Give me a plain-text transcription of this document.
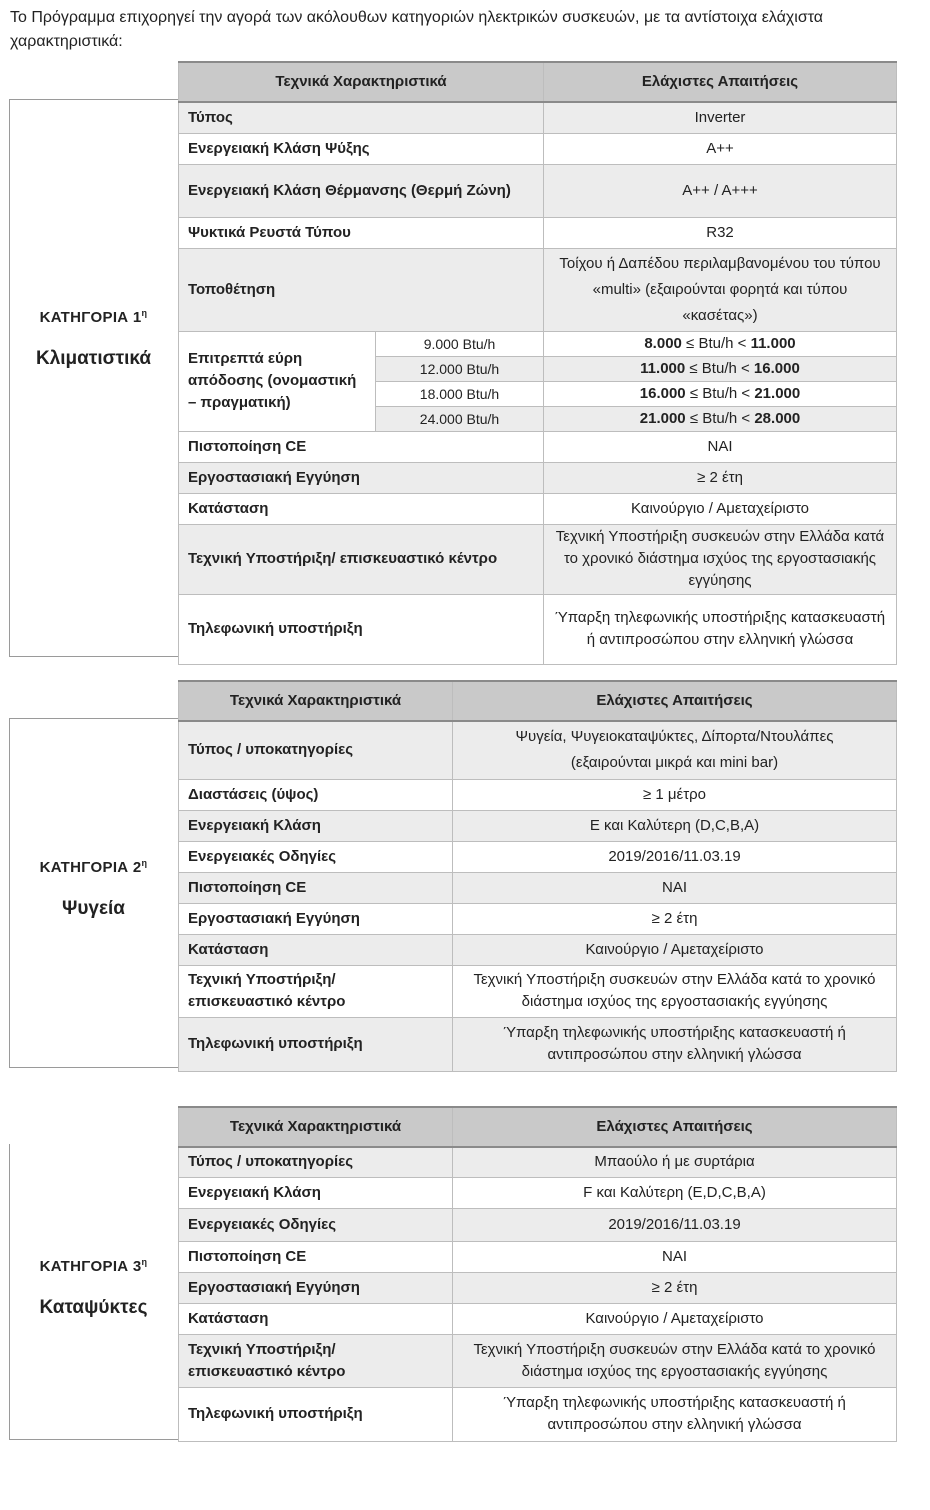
Το Πρόγραμμα επιχορηγεί την αγορά των ακόλουθων κατηγοριών ηλεκτρικών συσκευών, με τα αντίστοιχα ελάχιστα χαρακτηριστικά:
ΚΑΤΗΓΟΡΙΑ $1^\eta$
Κλιματιστικά
Τεχνικά Χαρακτηριστικά		Ελάχιστες Απαιτήσεις
Τύπος		Inverter
Ενεργειακή Κλάση Ψύξης		A++
Ενεργειακή Κλάση Θέρμανσης (Θερμή Ζώνη)		A++ / A+++
Ψυκτικά Ρευστά Τύπου		R32
Τοποθέτηση		Τοίχου ή Δαπέδου περιλαμβανομένου του τύπου «multi» (εξαιρούνται φορητά και τύπου «κασέτας»)
Επιτρεπτά εύρη απόδοσης (ονομαστική – πραγματική)	9.000 Btu/h	8.000 ≤ Btu/h < 11.000
	12.000 Btu/h	11.000 ≤ Btu/h < 16.000
	18.000 Btu/h	16.000 ≤ Btu/h < 21.000
	24.000 Btu/h	21.000 ≤ Btu/h < 28.000
Πιστοποίηση CE		NAI
Εργοστασιακή Εγγύηση		≥ 2 έτη
Κατάσταση		Καινούργιο / Αμεταχείριστο
Τεχνική Υποστήριξη/ επισκευαστικό κέντρο		Τεχνική Υποστήριξη συσκευών στην Ελλάδα κατά το χρονικό διάστημα ισχύος της εργοστασιακής εγγύησης
Τηλεφωνική υποστήριξη		Ύπαρξη τηλεφωνικής υποστήριξης κατασκευαστή ή αντιπροσώπου στην ελληνική γλώσσα
ΚΑΤΗΓΟΡΙΑ $2^\eta$
Ψυγεία
Τεχνικά Χαρακτηριστικά	Ελάχιστες Απαιτήσεις
Τύπος / υποκατηγορίες	Ψυγεία, Ψυγειοκαταψύκτες, Δίπορτα/Ντουλάπες (εξαιρούνται μικρά και mini bar)
Διαστάσεις (ύψος)	≥ 1 μέτρο
Ενεργειακή Κλάση	E και Καλύτερη (D,C,B,A)
Ενεργειακές Οδηγίες	2019/2016/11.03.19
Πιστοποίηση CE	NAI
Εργοστασιακή Εγγύηση	≥ 2 έτη
Κατάσταση	Καινούργιο / Αμεταχείριστο
Τεχνική Υποστήριξη/ επισκευαστικό κέντρο	Τεχνική Υποστήριξη συσκευών στην Ελλάδα κατά το χρονικό διάστημα ισχύος της εργοστασιακής εγγύησης
Τηλεφωνική υποστήριξη	Ύπαρξη τηλεφωνικής υποστήριξης κατασκευαστή ή αντιπροσώπου στην ελληνική γλώσσα
ΚΑΤΗΓΟΡΙΑ $3^\eta$
Καταψύκτες
Τεχνικά Χαρακτηριστικά	Ελάχιστες Απαιτήσεις
Τύπος / υποκατηγορίες	Μπαούλο ή με συρτάρια
Ενεργειακή Κλάση	F και Καλύτερη (E,D,C,B,A)
Ενεργειακές Οδηγίες	2019/2016/11.03.19
Πιστοποίηση CE	NAI
Εργοστασιακή Εγγύηση	≥ 2 έτη
Κατάσταση	Καινούργιο / Αμεταχείριστο
Τεχνική Υποστήριξη/ επισκευαστικό κέντρο	Τεχνική Υποστήριξη συσκευών στην Ελλάδα κατά το χρονικό διάστημα ισχύος της εργοστασιακής εγγύησης
Τηλεφωνική υποστήριξη	Ύπαρξη τηλεφωνικής υποστήριξης κατασκευαστή ή αντιπροσώπου στην ελληνική γλώσσα
